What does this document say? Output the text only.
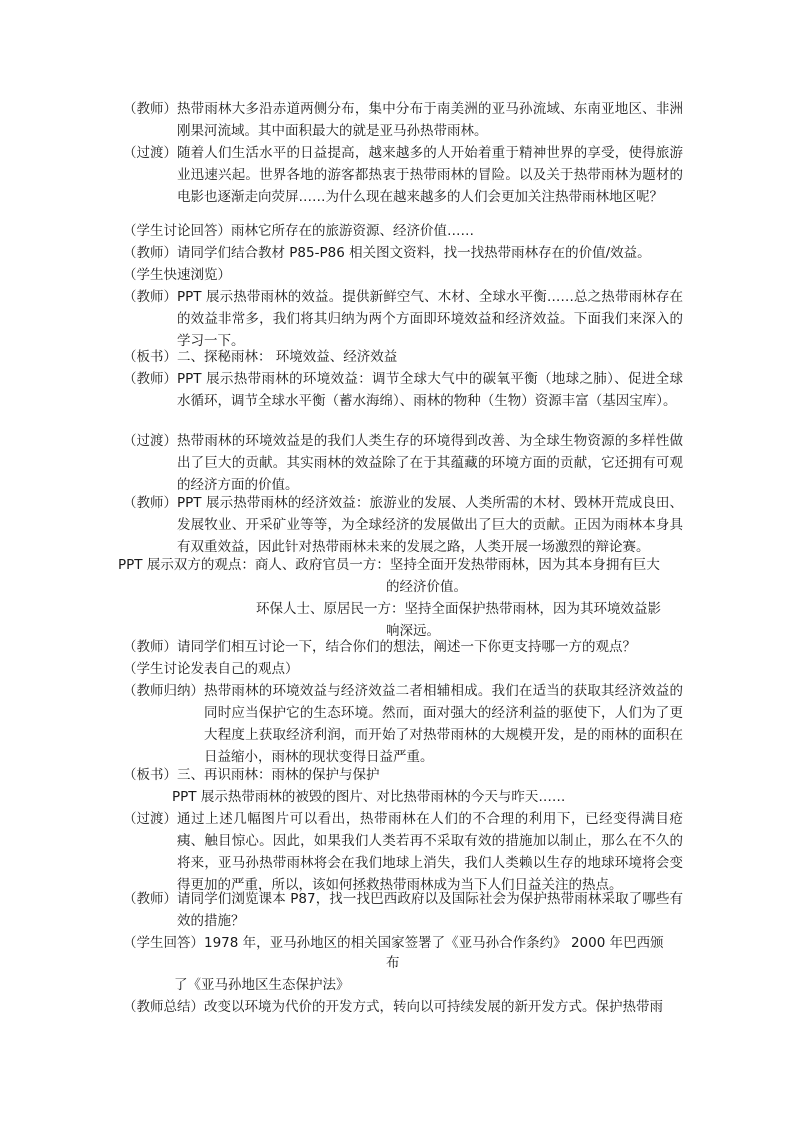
（教师） 热带雨林大多沿赤道两侧分布，集中分布于南美洲的亚马孙流域、东南亚地区、非洲刚果河流域。其中面积最大的就是亚马孙热带雨林。
（过渡） 随着人们生活水平的日益提高，越来越多的人开始着重于精神世界的享受，使得旅游业迅速兴起。世界各地的游客都热衷于热带雨林的冒险。以及关于热带雨林为题材的电影也逐渐走向荧屏……为什么现在越来越多的人们会更加关注热带雨林地区呢？
（学生讨论回答）雨林它所存在的旅游资源、经济价值……
（教师）请同学们结合教材 P85-P86 相关图文资料，找一找热带雨林存在的价值/效益。
（学生快速浏览）
（教师） PPT 展示热带雨林的效益。提供新鲜空气、木材、全球水平衡……总之热带雨林存在的效益非常多，我们将其归纳为两个方面即环境效益和经济效益。下面我们来深入的学习一下。
（板书）二、探秘雨林： 环境效益、经济效益
（教师） PPT 展示热带雨林的环境效益：调节全球大气中的碳氧平衡（地球之肺）、促进全球水循环，调节全球水平衡（蓄水海绵）、雨林的物种（生物）资源丰富（基因宝库）。
（过渡） 热带雨林的环境效益是的我们人类生存的环境得到改善、为全球生物资源的多样性做出了巨大的贡献。其实雨林的效益除了在于其蕴藏的环境方面的贡献，它还拥有可观的经济方面的价值。
（教师） PPT 展示热带雨林的经济效益：旅游业的发展、人类所需的木材、毁林开荒成良田、发展牧业、开采矿业等等，为全球经济的发展做出了巨大的贡献。正因为雨林本身具有双重效益，因此针对热带雨林未来的发展之路，人类开展一场激烈的辩论赛。
PPT 展示双方的观点：商人、政府官员一方：坚持全面开发热带雨林，因为其本身拥有巨大
的经济价值。
环保人士、原居民一方：坚持全面保护热带雨林，因为其环境效益影
响深远。
（教师）请同学们相互讨论一下，结合你们的想法，阐述一下你更支持哪一方的观点？
（学生讨论发表自己的观点）
（教师归纳） 热带雨林的环境效益与经济效益二者相辅相成。我们在适当的获取其经济效益的同时应当保护它的生态环境。然而，面对强大的经济利益的驱使下，人们为了更大程度上获取经济利润，而开始了对热带雨林的大规模开发，是的雨林的面积在日益缩小，雨林的现状变得日益严重。
（板书）三、再识雨林：雨林的保护与保护
PPT 展示热带雨林的被毁的图片、对比热带雨林的今天与昨天……
（过渡） 通过上述几幅图片可以看出，热带雨林在人们的不合理的利用下，已经变得满目疮痍、触目惊心。因此，如果我们人类若再不采取有效的措施加以制止，那么在不久的将来，亚马孙热带雨林将会在我们地球上消失，我们人类赖以生存的地球环境将会变得更加的严重，所以，该如何拯救热带雨林成为当下人们日益关注的热点。
（教师） 请同学们浏览课本 P87，找一找巴西政府以及国际社会为保护热带雨林采取了哪些有效的措施？
（学生回答）1978 年，亚马孙地区的相关国家签署了《亚马孙合作条约》 2000 年巴西颁
布
了《亚马孙地区生态保护法》
（教师总结）改变以环境为代价的开发方式，转向以可持续发展的新开发方式。保护热带雨
